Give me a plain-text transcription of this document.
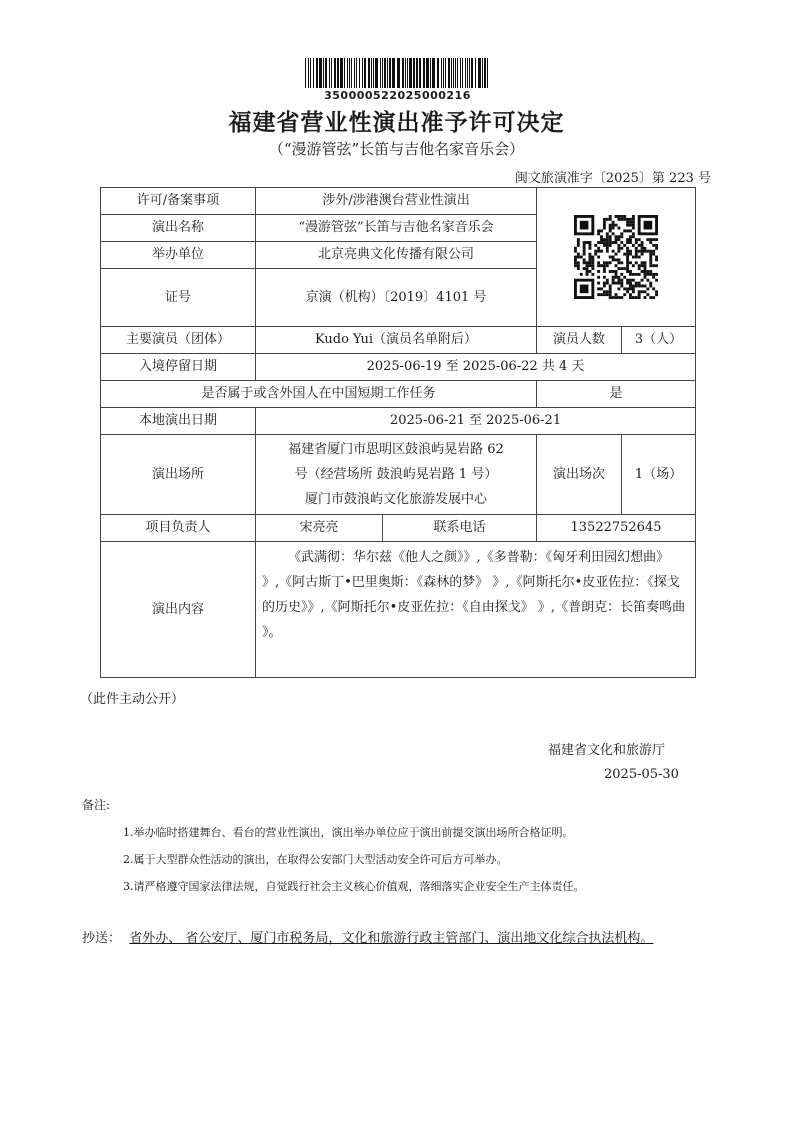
350000522025000216
福建省营业性演出准予许可决定
（“漫游管弦”长笛与吉他名家音乐会）
闽文旅演准字〔2025〕第 223 号
许可/备案事项	涉外/涉港澳台营业性演出	

演出名称	“漫游管弦”长笛与吉他名家音乐会			
举办单位	北京亮典文化传播有限公司			
证号	京演（机构）〔2019〕4101 号			
主要演员（团体）	Kudo Yui（演员名单附后）		演员人数	3（人）
入境停留日期	2025-06-19 至 2025-06-22 共 4 天			
是否属于或含外国人在中国短期工作任务			是	
本地演出日期	2025-06-21 至 2025-06-21			
演出场所	福建省厦门市思明区鼓浪屿晃岩路 62
号（经营场所 鼓浪屿晃岩路 1 号）
厦门市鼓浪屿文化旅游发展中心		演出场次	1（场）
项目负责人	宋亮亮	联系电话	13522752645	
演出内容	《武满彻：华尔兹《他人之颜》》,《多普勒：《匈牙利田园幻想曲》 》,《阿古斯丁•巴里奥斯：《森林的梦》 》,《阿斯托尔•皮亚佐拉：《探戈的历史》》,《阿斯托尔•皮亚佐拉：《自由探戈》 》,《普朗克：长笛奏鸣曲 》。			
（此件主动公开）
福建省文化和旅游厅
2025-05-30
备注:
1.举办临时搭建舞台、看台的营业性演出，演出举办单位应于演出前提交演出场所合格证明。
2.属于大型群众性活动的演出，在取得公安部门大型活动安全许可后方可举办。
3.请严格遵守国家法律法规，自觉践行社会主义核心价值观，落细落实企业安全生产主体责任。
抄送： 省外办、 省公安厅、厦门市税务局，文化和旅游行政主管部门、演出地文化综合执法机构。
